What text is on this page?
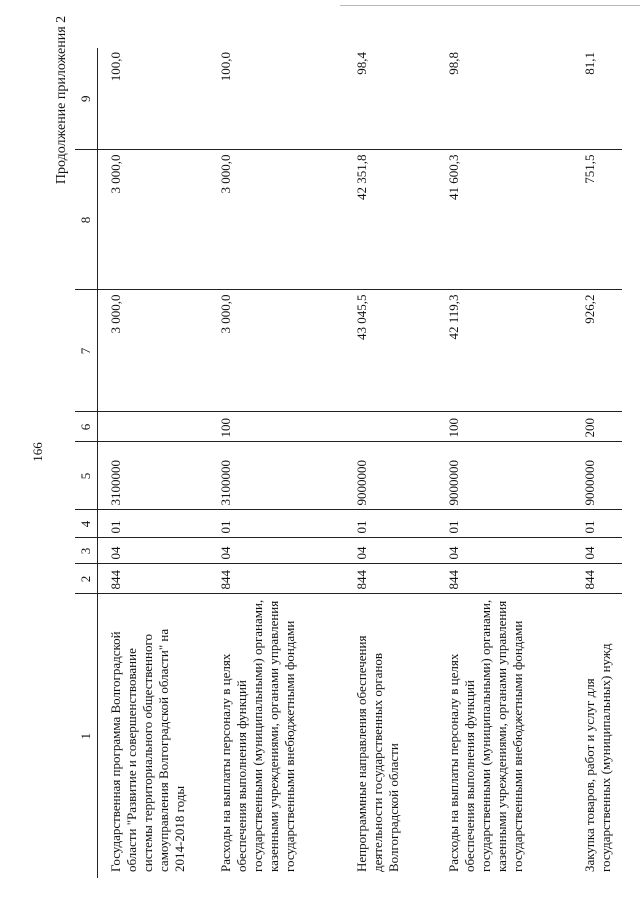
166
Продолжение приложения 2
1	2	3	4	5	6	7	8	9
Государственная программа Волгоградской области "Развитие и совершенствование системы территориального общественного самоуправления Волгоградской области" на 2014-2018 годы	844	04	01	3100000		3 000,0	3 000,0	100,0
Расходы на выплаты персоналу в целях обеспечения выполнения функций государственными (муниципальными) органами, казенными учреждениями, органами управления государственными внебюджетными фондами	844	04	01	3100000	100	3 000,0	3 000,0	100,0
Непрограммные направления обеспечения деятельности государственных органов Волгоградской области	844	04	01	9000000		43 045,5	42 351,8	98,4
Расходы на выплаты персоналу в целях обеспечения выполнения функций государственными (муниципальными) органами, казенными учреждениями, органами управления государственными внебюджетными фондами	844	04	01	9000000	100	42 119,3	41 600,3	98,8
Закупка товаров, работ и услуг для государственных (муниципальных) нужд	844	04	01	9000000	200	926,2	751,5	81,1
